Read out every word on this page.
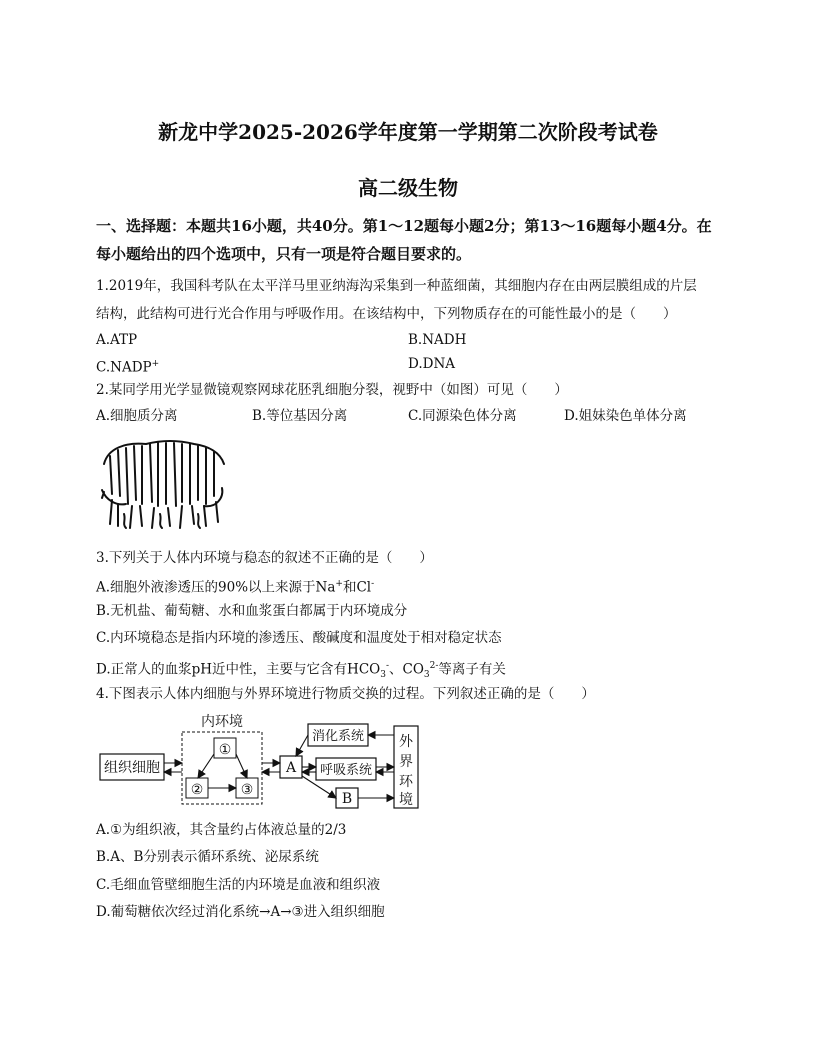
新龙中学2025-2026学年度第一学期第二次阶段考试卷
高二级生物
一、选择题：本题共16小题，共40分。第1～12题每小题2分；第13～16题每小题4分。在
每小题给出的四个选项中，只有一项是符合题目要求的。
1.2019年，我国科考队在太平洋马里亚纳海沟采集到一种蓝细菌，其细胞内存在由两层膜组成的片层
结构，此结构可进行光合作用与呼吸作用。在该结构中，下列物质存在的可能性最小的是（　　）
A.ATP	B.NADH
C.NADP+	D.DNA
2.某同学用光学显微镜观察网球花胚乳细胞分裂，视野中（如图）可见（　　）
A.细胞质分离	B.等位基因分离	C.同源染色体分离	D.姐妹染色单体分离
3.下列关于人体内环境与稳态的叙述不正确的是（　　）
A.细胞外液渗透压的90%以上来源于Na+和Cl-
B.无机盐、葡萄糖、水和血浆蛋白都属于内环境成分
C.内环境稳态是指内环境的渗透压、酸碱度和温度处于相对稳定状态
D.正常人的血浆pH近中性，主要与它含有$HCO_3^-$、$CO_3^{2-}$等离子有关
4.下图表示人体内细胞与外界环境进行物质交换的过程。下列叙述正确的是（　　）
组织细胞
内环境
①
②	③
A
消化系统
呼吸系统
B
外
界
环
境
A.①为组织液，其含量约占体液总量的2/3
B.A、B分别表示循环系统、泌尿系统
C.毛细血管壁细胞生活的内环境是血液和组织液
D.葡萄糖依次经过消化系统→A→③进入组织细胞
